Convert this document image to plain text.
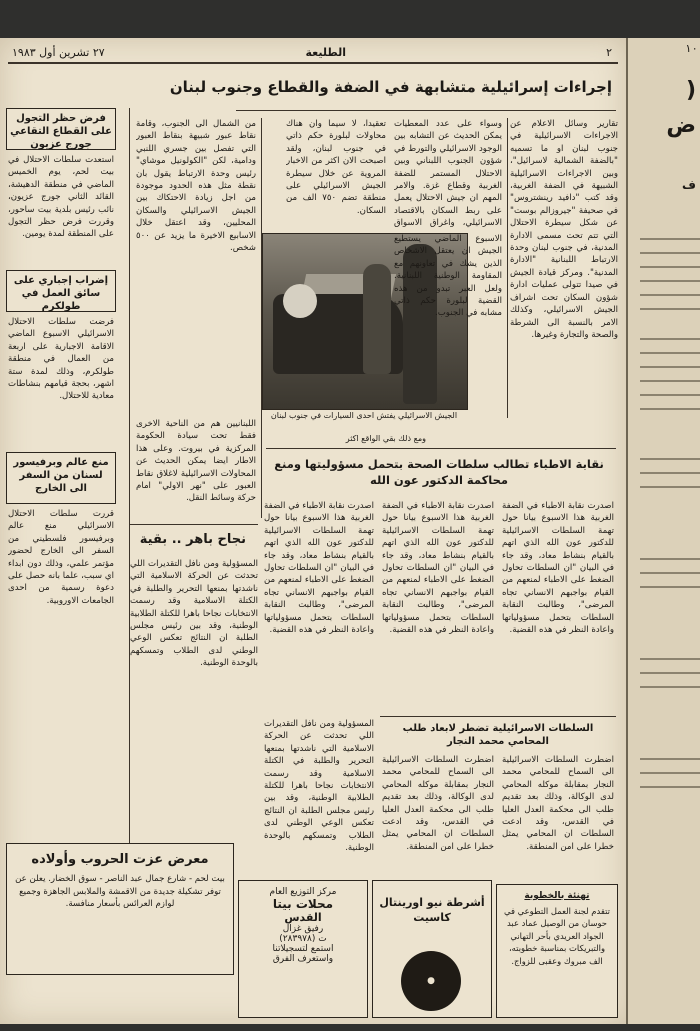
٢
الطليعة
٢٧ تشرين أول ١٩٨٣
إجراءات إسرائيلية متشابهة في الضفة والقطاع وجنوب لبنان
تقارير وسائل الاعلام عن الاجراءات الاسرائيلية في جنوب لبنان او ما تسميه "بالضفة الشمالية لاسرائيل"، وبين الاجراءات الاسرائيلية الشبيهة في الضفة الغربية، وقد كتب "دافيد رينشتروس" في صحيفة "جيروزالم بوست" عن شكل سيطرة الاحتلال التي تتم تحت مسمى الادارة المدنية، في جنوب لبنان وحدة الارتباط اللبنانية "الادارة المدنية". ومركز قيادة الجيش في صيدا تتولى عمليات ادارة شؤون السكان تحت اشراف الجيش الاسرائيلي، وكذلك الامر بالنسبة الى الشرطة والصحة والتجارة وغيرها.
وسواء على عدد المعطيات يمكن الحديث عن التشابه بين الوجود الاسرائيلي والتورط في شؤون الجنوب اللبناني وبين الاحتلال المستمر للضفة الغربية وقطاع غزة. والامر المهم ان جيش الاحتلال يعمل على ربط السكان بالاقتصاد الاسرائيلي، واغراق الاسواق
تعقيدا، لا سيما وان هناك محاولات لبلورة حكم ذاتي في جنوب لبنان، ولقد اصبحت الان اكثر من الاخبار المروية عن خلال سيطرة الجيش الاسرائيلي على منطقة تضم ٧٥٠ الف من السكان.
الجيش الاسرائيلي يفتش احدى السيارات في جنوب لبنان
من الشمال الى الجنوب، وقامة نقاط عبور شبيهة بنقاط العبور التي تفصل بين جسري اللنبي ودامية، لكن "الكولونيل موشاي" رئيس وحدة الارتباط يقول بان نقطة مثل هذه الحدود موجودة من اجل زيادة الاحتكاك بين الجيش الاسرائيلي والسكان المحليين، وقد اعتقل خلال الاسابيع الاخيرة ما يزيد عن ٥٠٠ شخص.
الاسبوع الماضي يستطيع الجيش ان يعتقل الاشخاص الذين يشك في تعاونهم مع المقاومة الوطنية اللبنانية. ولعل العبر تبدو من هذه القضية لبلورة حكم ذاتي مشابه في الجنوب.
اللبنانيين هم من الناحية الاخرى فقط تحت سيادة الحكومة المركزية في بيروت. وعلى هذا الاطار ايضا يمكن الحديث عن المحاولات الاسرائيلية لاغلاق نقاط العبور على "نهر الاولي" امام حركة وسائط النقل.
ومع ذلك بقي الواقع اكثر
نقابة الاطباء تطالب سلطات الصحة بتحمل مسؤوليتها ومنع محاكمة الدكتور عون الله
اصدرت نقابة الاطباء في الضفة الغربية هذا الاسبوع بيانا حول تهمة السلطات الاسرائيلية للدكتور عون الله الذي اتهم بالقيام بنشاط معاد، وقد جاء في البيان "ان السلطات تحاول الضغط على الاطباء لمنعهم من القيام بواجبهم الانساني تجاه المرضى"، وطالبت النقابة السلطات بتحمل مسؤولياتها واعادة النظر في هذه القضية.
اصدرت نقابة الاطباء في الضفة الغربية هذا الاسبوع بيانا حول تهمة السلطات الاسرائيلية للدكتور عون الله الذي اتهم بالقيام بنشاط معاد، وقد جاء في البيان "ان السلطات تحاول الضغط على الاطباء لمنعهم من القيام بواجبهم الانساني تجاه المرضى"، وطالبت النقابة السلطات بتحمل مسؤولياتها واعادة النظر في هذه القضية.
اصدرت نقابة الاطباء في الضفة الغربية هذا الاسبوع بيانا حول تهمة السلطات الاسرائيلية للدكتور عون الله الذي اتهم بالقيام بنشاط معاد، وقد جاء في البيان "ان السلطات تحاول الضغط على الاطباء لمنعهم من القيام بواجبهم الانساني تجاه المرضى"، وطالبت النقابة السلطات بتحمل مسؤولياتها واعادة النظر في هذه القضية.
نجاح باهر .. بقية
المسؤولية ومن نافل التقديرات اللي تحدثت عن الحركة الاسلامية التي ناشدتها بمنعها التحرير والطلبة في الكتلة الاسلامية وقد رسمت الانتخابات نجاحا باهرا للكتلة الطلابية الوطنية، وقد بين رئيس مجلس الطلبة ان النتائج تعكس الوعي الوطني لدى الطلاب وتمسكهم بالوحدة الوطنية.
المسؤولية ومن نافل التقديرات اللي تحدثت عن الحركة الاسلامية التي ناشدتها بمنعها التحرير والطلبة في الكتلة الاسلامية وقد رسمت الانتخابات نجاحا باهرا للكتلة الطلابية الوطنية، وقد بين رئيس مجلس الطلبة ان النتائج تعكس الوعي الوطني لدى الطلاب وتمسكهم بالوحدة الوطنية.
السلطات الاسرائيلية تضطر لابعاد طلب المحامي محمد النجار
اضطرت السلطات الاسرائيلية الى السماح للمحامي محمد النجار بمقابلة موكله المحامي لدى الوكالة، وذلك بعد تقديم طلب الى محكمة العدل العليا في القدس، وقد ادعت السلطات ان المحامي يمثل خطرا على امن المنطقة.
اضطرت السلطات الاسرائيلية الى السماح للمحامي محمد النجار بمقابلة موكله المحامي لدى الوكالة، وذلك بعد تقديم طلب الى محكمة العدل العليا في القدس، وقد ادعت السلطات ان المحامي يمثل خطرا على امن المنطقة.
فرض حظر التجول على القطاع التقاعي جورج عزيون
استعدت سلطات الاحتلال في بيت لحم، يوم الخميس الماضي في منطقة الدهيشة، القائد الثاني جورج عزيون، نائب رئيس بلدية بيت ساحور، وقررت فرض حظر التجول على المنطقة لمدة يومين.
إضراب إجباري على سائق العمل في طولكرم
فرضت سلطات الاحتلال الاسرائيلي الاسبوع الماضي الاقامة الاجبارية على اربعة من العمال في منطقة طولكرم، وذلك لمدة ستة اشهر، بحجة قيامهم بنشاطات معادية للاحتلال.
منع عالم وبرفيسور لسنان من السفر الى الخارج
قررت سلطات الاحتلال الاسرائيلي منع عالم وبرفيسور فلسطيني من السفر الى الخارج لحضور مؤتمر علمي، وذلك دون ابداء اي سبب، علما بانه حصل على دعوة رسمية من احدى الجامعات الاوروبية.
معرض عزت الحروب وأولاده
بيت لحم - شارع جمال عبد الناصر - سوق الخضار. يعلن عن توفر تشكيلة جديدة من الاقمشة والملابس الجاهزة وجميع لوازم العرائس بأسعار منافسة.
مركز التوزيع العام
محلات بيتا
القدس
رفيق غزال
ت (٢٨٣٩٧٨)
استمع لتسجيلاتنا
واستعرف الفرق
أشرطة نيو اورينتال كاسيت
●
تهنئة بالخطوبة
تتقدم لجنة العمل التطوعي في حوسان من الوصيل عماد عبد الجواد العريدي بأحر التهاني والتبريكات بمناسبة خطوبته، الف مبروك وعقبى للزواج.
١٠
(
ض
ف
